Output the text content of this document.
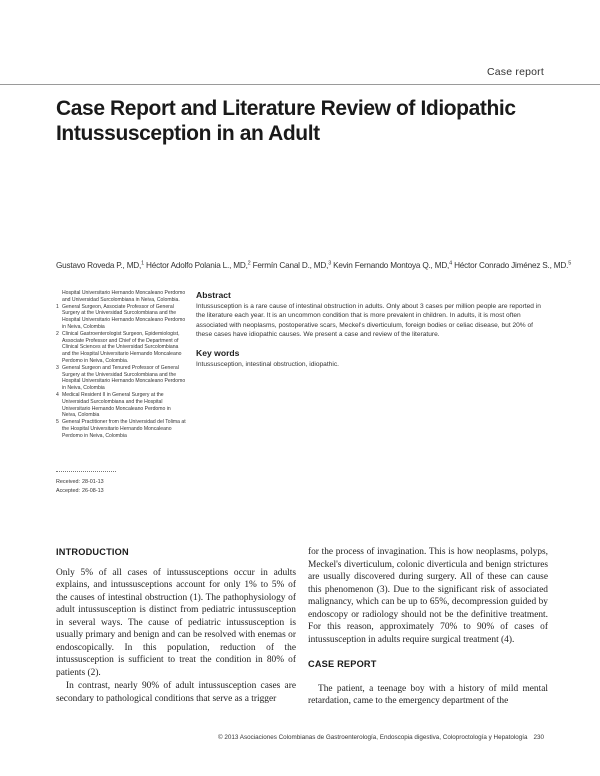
Case report
Case Report and Literature Review of Idiopathic Intussusception in an Adult
Gustavo Roveda P., MD,$^1$ Héctor Adolfo Polania L., MD,$^2$ Fermín Canal D., MD,$^3$ Kevin Fernando Montoya Q., MD,$^4$ Héctor Conrado Jiménez S., MD.$^5$
Hospital Universitario Hernando Moncaleano Perdomo and Universidad Surcolombiana in Neiva, Colombia.
1 General Surgeon, Associate Professor of General Surgery at the Universidad Surcolombiana and the Hospital Universitario Hernando Moncaleano Perdomo in Neiva, Colombia
2 Clinical Gastroenterologist Surgeon, Epidemiologist, Associate Professor and Chief of the Department of Clinical Sciences at the Universidad Surcolombiana and the Hospital Universitario Hernando Moncaleano Perdomo in Neiva, Colombia.
3 General Surgeon and Tenured Professor of General Surgery at the Universidad Surcolombiana and the Hospital Universitario Hernando Moncaleano Perdomo in Neiva, Colombia
4 Medical Resident II in General Surgery at the Universidad Surcolombiana and the Hospital Universitario Hernando Moncaleano Perdomo in Neiva, Colombia
5 General Practitioner from the Universidad del Tolima at the Hospital Universitario Hernando Moncaleano Perdomo in Neiva, Colombia
Received: 28-01-13
Accepted: 26-08-13
Abstract

Intussusception is a rare cause of intestinal obstruction in adults. Only about 3 cases per million people are reported in the literature each year. It is an uncommon condition that is more prevalent in children. In adults, it is most often associated with neoplasms, postoperative scars, Meckel's diverticulum, foreign bodies or celiac disease, but 20% of these cases have idiopathic causes. We present a case and review of the literature.

Key words

Intussusception, intestinal obstruction, idiopathic.

INTRODUCTION

Only 5% of all cases of intussusceptions occur in adults explains, and intussusceptions account for only 1% to 5% of the causes of intestinal obstruction (1). The pathophysiology of adult intussusception is distinct from pediatric intussusception in several ways. The cause of pediatric intussusception is usually primary and benign and can be resolved with enemas or endoscopically. In this population, reduction of the intussusception is sufficient to treat the condition in 80% of patients (2).

In contrast, nearly 90% of adult intussusception cases are secondary to pathological conditions that serve as a trigger

for the process of invagination. This is how neoplasms, polyps, Meckel's diverticulum, colonic diverticula and benign strictures are usually discovered during surgery. All of these can cause this phenomenon (3). Due to the significant risk of associated malignancy, which can be up to 65%, decompression guided by endoscopy or radiology should not be the definitive treatment. For this reason, approximately 70% to 90% of cases of intussusception in adults require surgical treatment (4).

CASE REPORT

The patient, a teenage boy with a history of mild mental retardation, came to the emergency department of the

© 2013 Asociaciones Colombianas de Gastroenterología, Endoscopia digestiva, Coloproctología y Hepatología 230
